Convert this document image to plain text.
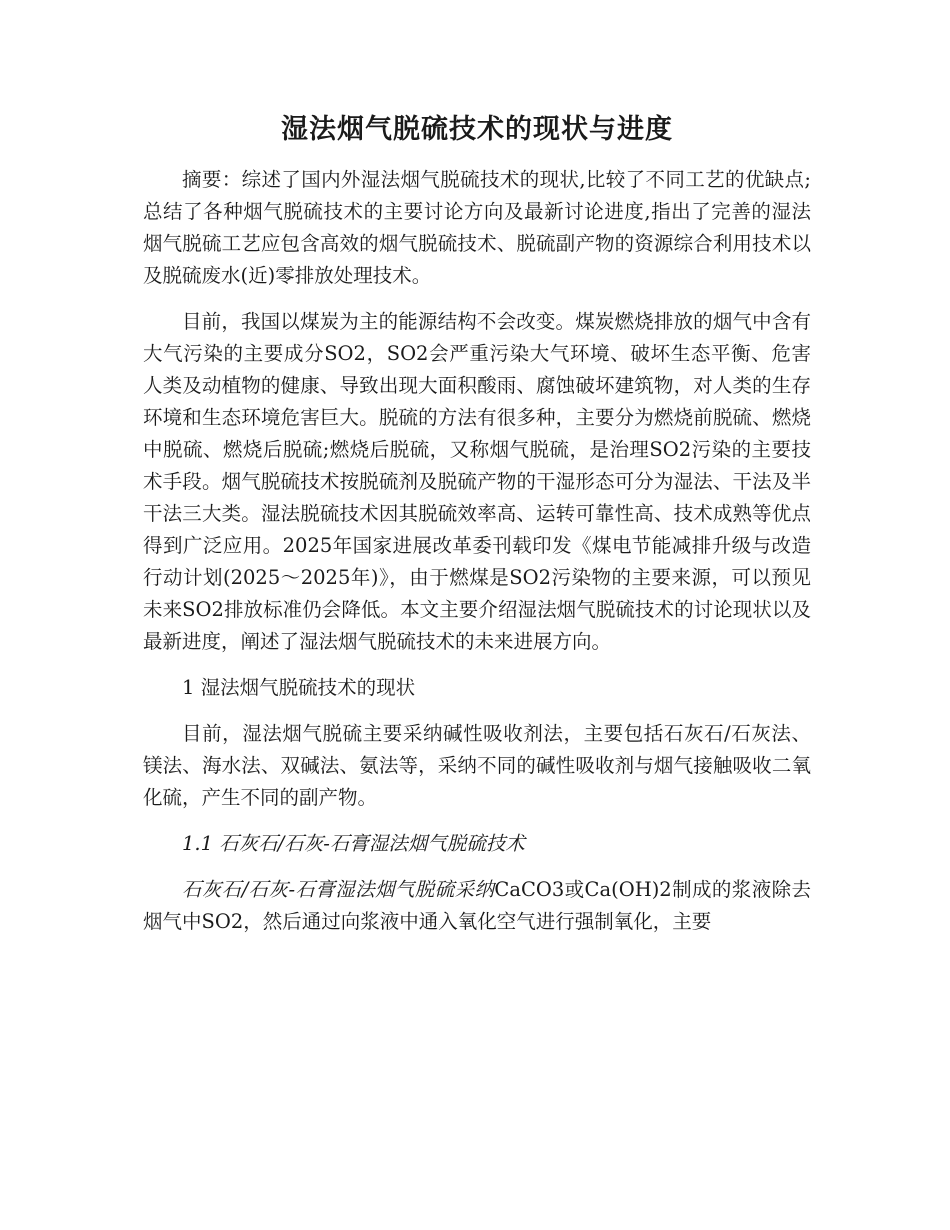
湿法烟气脱硫技术的现状与进度

摘要：综述了国内外湿法烟气脱硫技术的现状,比较了不同工艺的优缺点;总结了各种烟气脱硫技术的主要讨论方向及最新讨论进度,指出了完善的湿法烟气脱硫工艺应包含高效的烟气脱硫技术、脱硫副产物的资源综合利用技术以及脱硫废水(近)零排放处理技术。

目前，我国以煤炭为主的能源结构不会改变。煤炭燃烧排放的烟气中含有大气污染的主要成分SO2，SO2会严重污染大气环境、破坏生态平衡、危害人类及动植物的健康、导致出现大面积酸雨、腐蚀破坏建筑物，对人类的生存环境和生态环境危害巨大。脱硫的方法有很多种，主要分为燃烧前脱硫、燃烧中脱硫、燃烧后脱硫;燃烧后脱硫，又称烟气脱硫，是治理SO2污染的主要技术手段。烟气脱硫技术按脱硫剂及脱硫产物的干湿形态可分为湿法、干法及半干法三大类。湿法脱硫技术因其脱硫效率高、运转可靠性高、技术成熟等优点得到广泛应用。2025年国家进展改革委刊载印发《煤电节能减排升级与改造行动计划(2025～2025年)》，由于燃煤是SO2污染物的主要来源，可以预见未来SO2排放标准仍会降低。本文主要介绍湿法烟气脱硫技术的讨论现状以及最新进度，阐述了湿法烟气脱硫技术的未来进展方向。

1 湿法烟气脱硫技术的现状

目前，湿法烟气脱硫主要采纳碱性吸收剂法，主要包括石灰石/石灰法、镁法、海水法、双碱法、氨法等，采纳不同的碱性吸收剂与烟气接触吸收二氧化硫，产生不同的副产物。

1.1 石灰石/石灰-石膏湿法烟气脱硫技术

石灰石/石灰-石膏湿法烟气脱硫采纳CaCO3或Ca(OH)2制成的浆液除去烟气中SO2，然后通过向浆液中通入氧化空气进行强制氧化，主要
